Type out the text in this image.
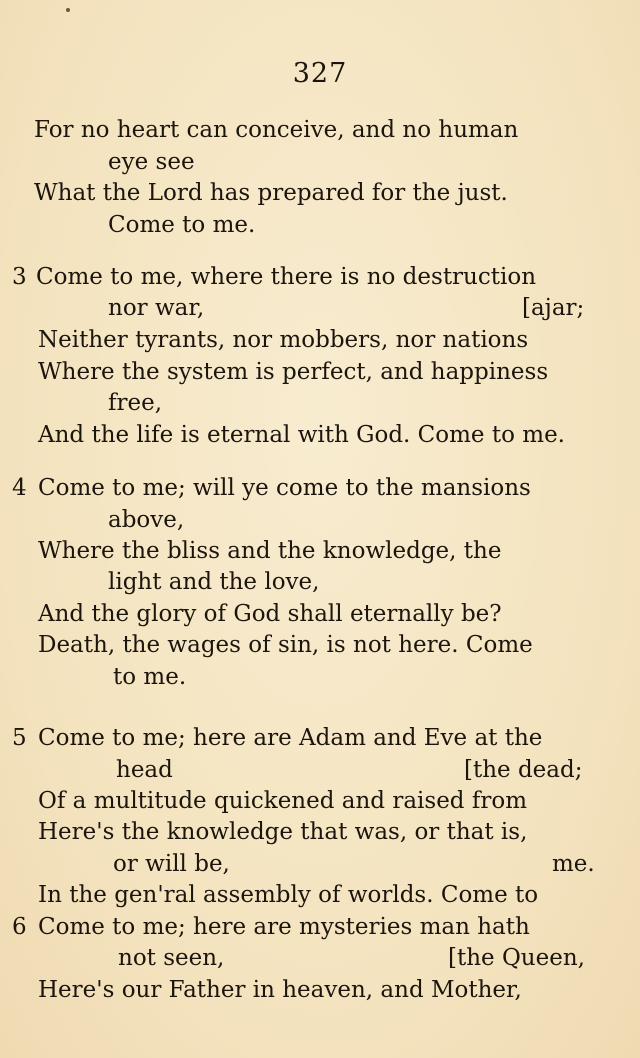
327
For no heart can conceive, and no human
eye see
What the Lord has prepared for the just.
Come to me.
3 Come to me, where there is no destruction
nor war,	[ajar;
Neither tyrants, nor mobbers, nor nations
Where the system is perfect, and happiness
free,
And the life is eternal with God. Come to me.
4 Come to me; will ye come to the mansions
above,
Where the bliss and the knowledge, the
light and the love,
And the glory of God shall eternally be?
Death, the wages of sin, is not here. Come
to me.
5 Come to me; here are Adam and Eve at the
head	[the dead;
Of a multitude quickened and raised from
Here's the knowledge that was, or that is,
or will be,	me.
In the gen'ral assembly of worlds. Come to
6 Come to me; here are mysteries man hath
not seen,	[the Queen,
Here's our Father in heaven, and Mother,
